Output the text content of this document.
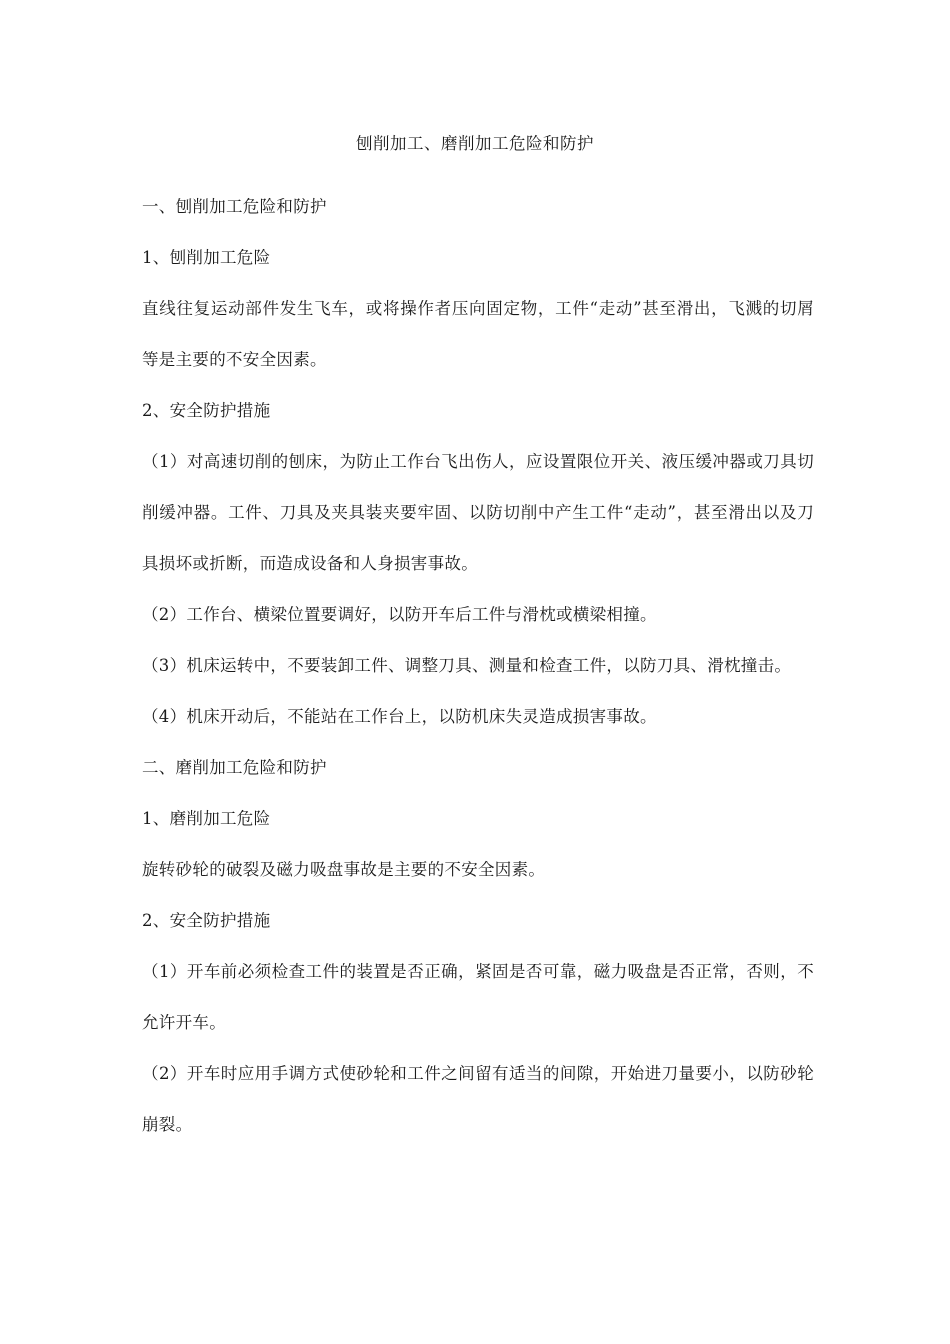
刨削加工、磨削加工危险和防护

一、刨削加工危险和防护

1、刨削加工危险

直线往复运动部件发生飞车，或将操作者压向固定物，工件“走动”甚至滑出，飞溅的切屑等是主要的不安全因素。

2、安全防护措施

（1）对高速切削的刨床，为防止工作台飞出伤人，应设置限位开关、液压缓冲器或刀具切削缓冲器。工件、刀具及夹具装夹要牢固、以防切削中产生工件“走动”，甚至滑出以及刀具损坏或折断，而造成设备和人身损害事故。

（2）工作台、横梁位置要调好，以防开车后工件与滑枕或横梁相撞。

（3）机床运转中，不要装卸工件、调整刀具、测量和检查工件，以防刀具、滑枕撞击。

（4）机床开动后，不能站在工作台上，以防机床失灵造成损害事故。

二、磨削加工危险和防护

1、磨削加工危险

旋转砂轮的破裂及磁力吸盘事故是主要的不安全因素。

2、安全防护措施

（1）开车前必须检查工件的装置是否正确，紧固是否可靠，磁力吸盘是否正常，否则，不允许开车。

（2）开车时应用手调方式使砂轮和工件之间留有适当的间隙，开始进刀量要小，以防砂轮崩裂。
